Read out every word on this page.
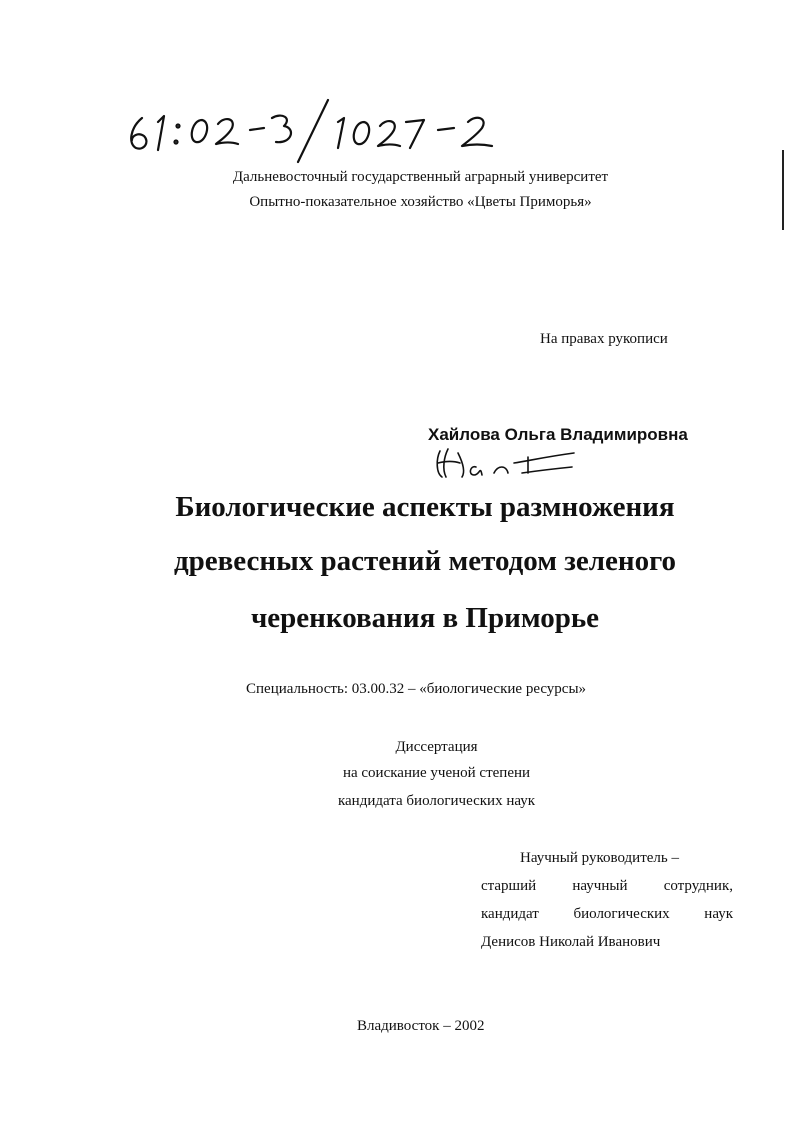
Дальневосточный государственный аграрный университет
Опытно-показательное хозяйство «Цветы Приморья»
На правах рукописи
Хайлова Ольга Владимировна
Биологические аспекты размножения
древесных растений методом зеленого
черенкования в Приморье
Специальность: 03.00.32 – «биологические ресурсы»
Диссертация
на соискание ученой степени
кандидата биологических наук
Научный руководитель –
старший научный сотрудник,
кандидат биологических наук
Денисов Николай Иванович
Владивосток – 2002
